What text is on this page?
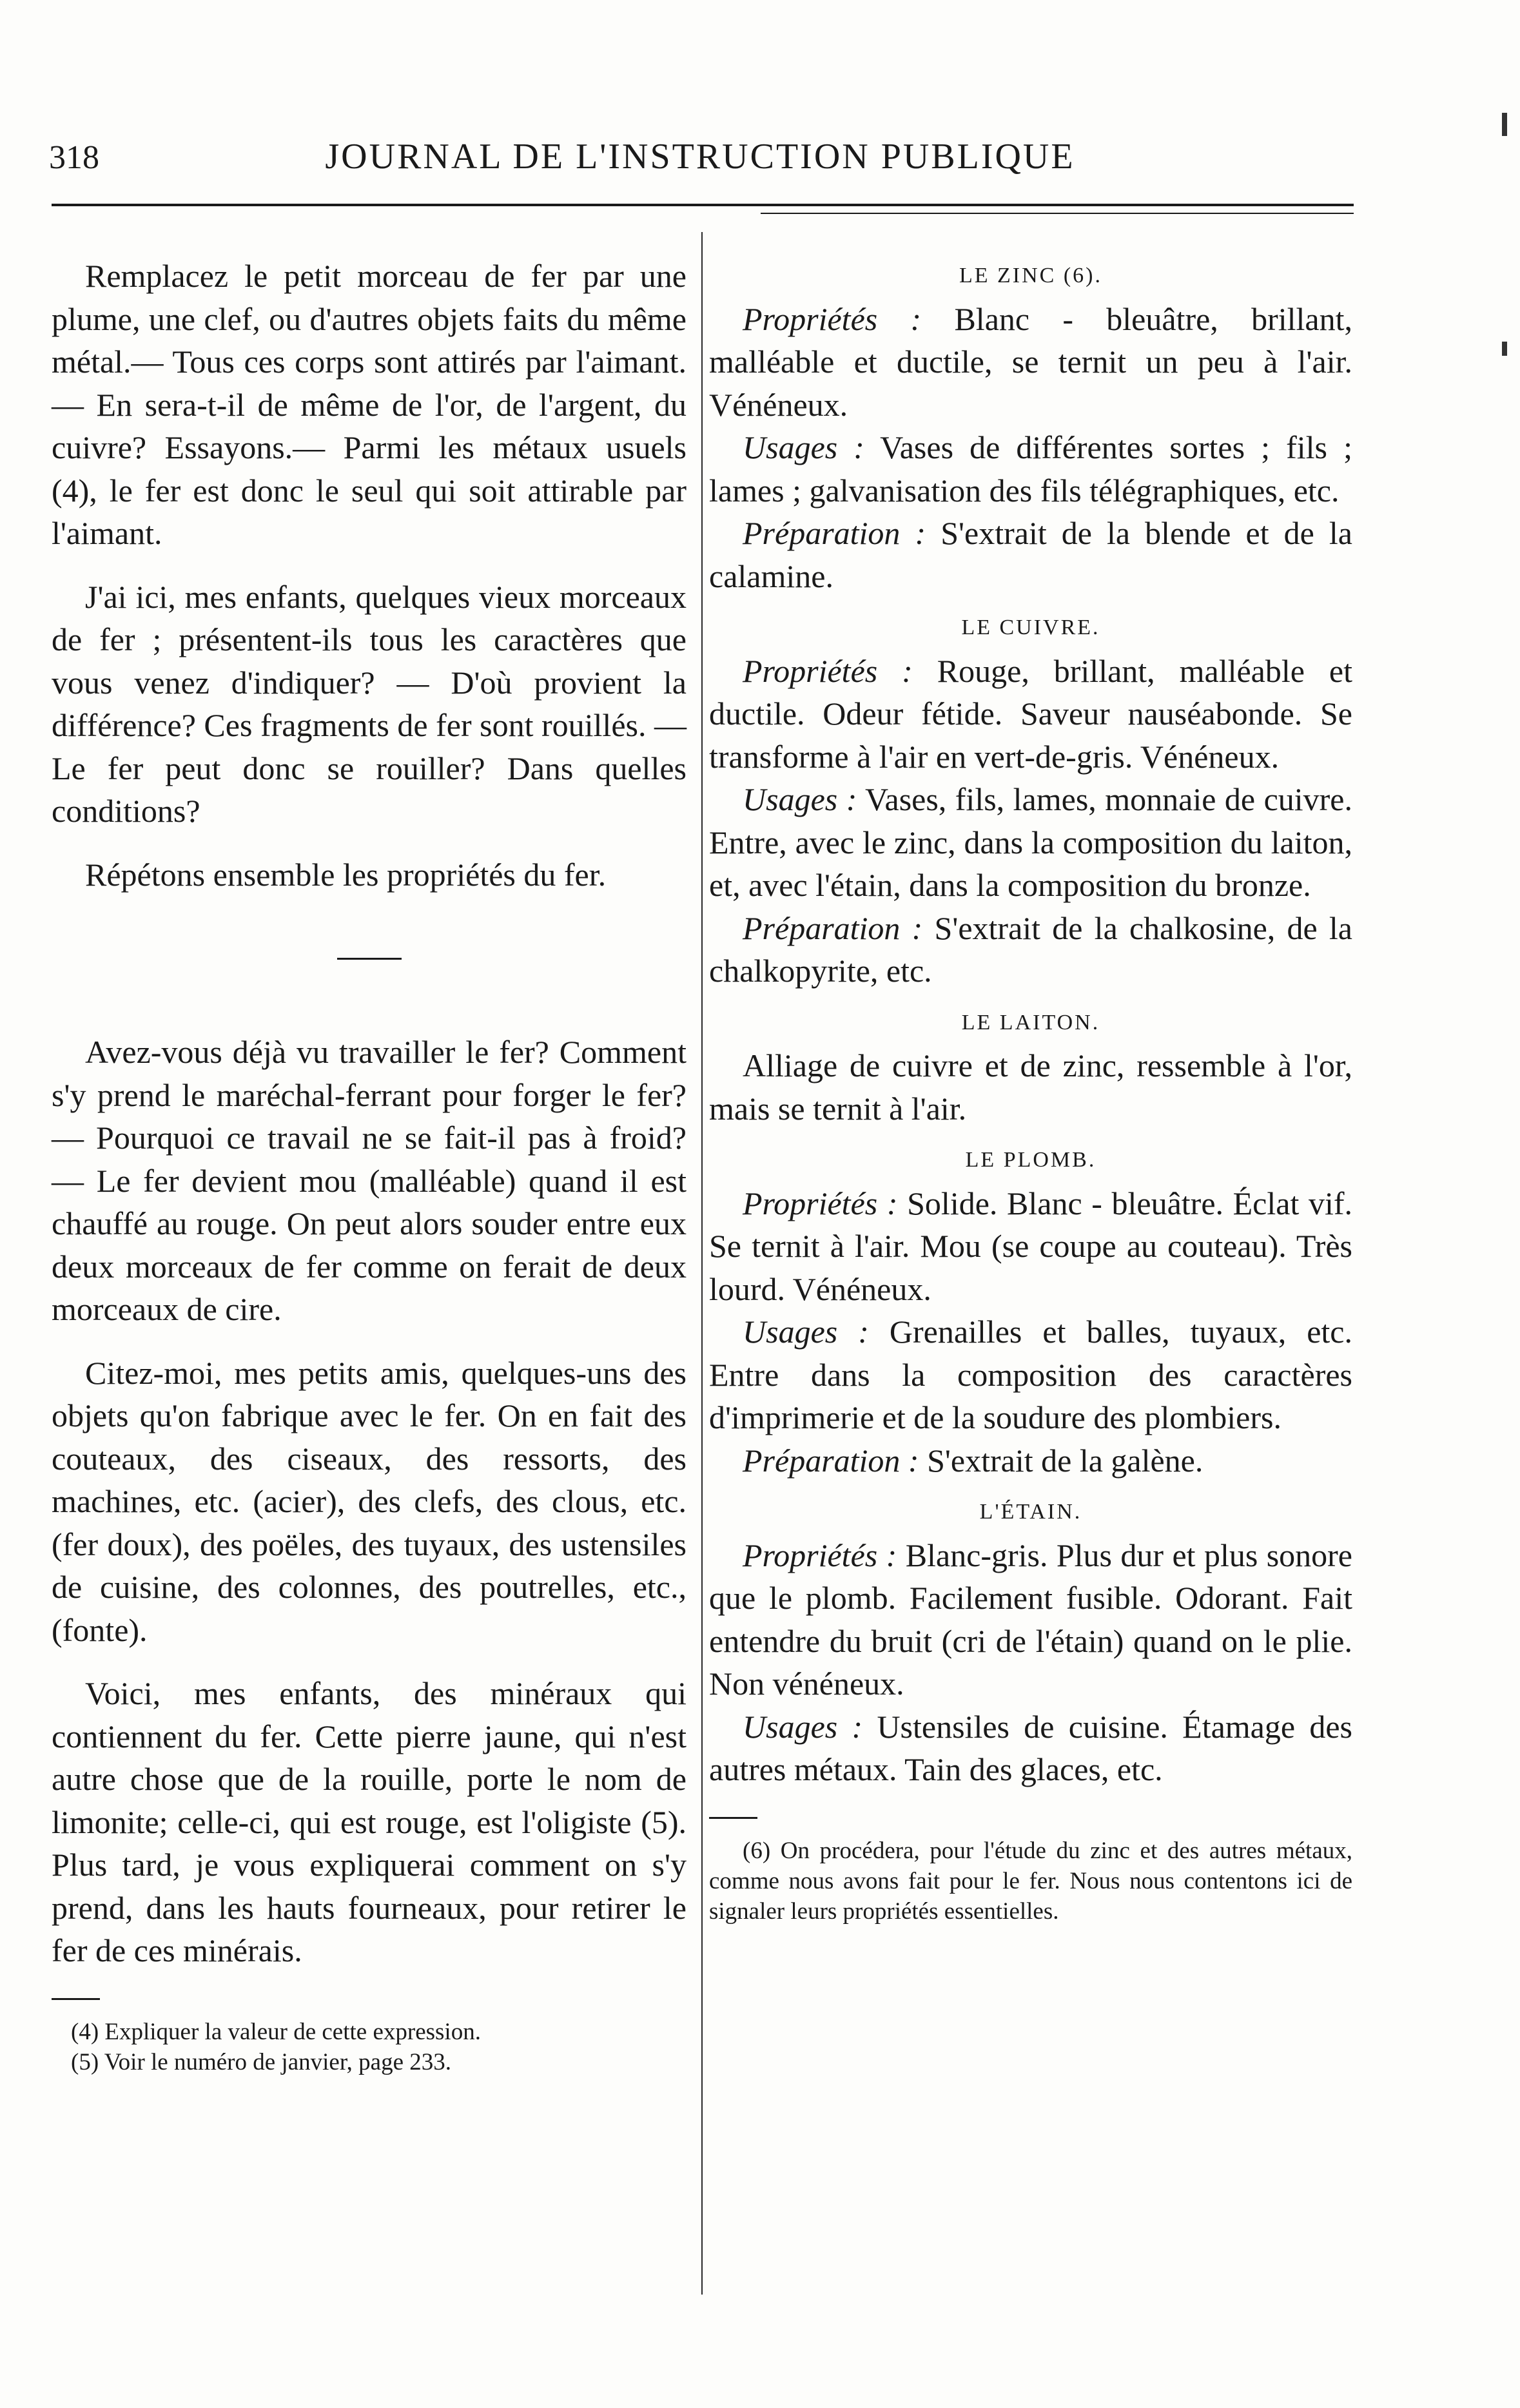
318	JOURNAL DE L'INSTRUCTION PUBLIQUE

Remplacez le petit morceau de fer par une plume, une clef, ou d'autres objets faits du même métal.— Tous ces corps sont attirés par l'aimant. — En sera-t-il de même de l'or, de l'argent, du cuivre? Essayons.— Parmi les métaux usuels (4), le fer est donc le seul qui soit attirable par l'aimant.

J'ai ici, mes enfants, quelques vieux morceaux de fer ; présentent-ils tous les caractères que vous venez d'indiquer? — D'où provient la différence? Ces fragments de fer sont rouillés. — Le fer peut donc se rouiller? Dans quelles conditions?

Répétons ensemble les propriétés du fer.

Avez-vous déjà vu travailler le fer? Comment s'y prend le maréchal-ferrant pour forger le fer? — Pourquoi ce travail ne se fait-il pas à froid? — Le fer devient mou (malléable) quand il est chauffé au rouge. On peut alors souder entre eux deux morceaux de fer comme on ferait de deux morceaux de cire.

Citez-moi, mes petits amis, quelques-uns des objets qu'on fabrique avec le fer. On en fait des couteaux, des ciseaux, des ressorts, des machines, etc. (acier), des clefs, des clous, etc. (fer doux), des poëles, des tuyaux, des ustensiles de cuisine, des colonnes, des poutrelles, etc., (fonte).

Voici, mes enfants, des minéraux qui contiennent du fer. Cette pierre jaune, qui n'est autre chose que de la rouille, porte le nom de limonite; celle-ci, qui est rouge, est l'oligiste (5). Plus tard, je vous expliquerai comment on s'y prend, dans les hauts fourneaux, pour retirer le fer de ces minérais.

(4) Expliquer la valeur de cette expression.

(5) Voir le numéro de janvier, page 233.

LE ZINC (6).

Propriétés : Blanc - bleuâtre, brillant, malléable et ductile, se ternit un peu à l'air. Vénéneux.

Usages : Vases de différentes sortes ; fils ; lames ; galvanisation des fils télégraphiques, etc.

Préparation : S'extrait de la blende et de la calamine.

LE CUIVRE.

Propriétés : Rouge, brillant, malléable et ductile. Odeur fétide. Saveur nauséabonde. Se transforme à l'air en vert-de-gris. Vénéneux.

Usages : Vases, fils, lames, monnaie de cuivre. Entre, avec le zinc, dans la composition du laiton, et, avec l'étain, dans la composition du bronze.

Préparation : S'extrait de la chalkosine, de la chalkopyrite, etc.

LE LAITON.

Alliage de cuivre et de zinc, ressemble à l'or, mais se ternit à l'air.

LE PLOMB.

Propriétés : Solide. Blanc - bleuâtre. Éclat vif. Se ternit à l'air. Mou (se coupe au couteau). Très lourd. Vénéneux.

Usages : Grenailles et balles, tuyaux, etc. Entre dans la composition des caractères d'imprimerie et de la soudure des plombiers.

Préparation : S'extrait de la galène.

L'ÉTAIN.

Propriétés : Blanc-gris. Plus dur et plus sonore que le plomb. Facilement fusible. Odorant. Fait entendre du bruit (cri de l'étain) quand on le plie. Non vénéneux.

Usages : Ustensiles de cuisine. Étamage des autres métaux. Tain des glaces, etc.

(6) On procédera, pour l'étude du zinc et des autres métaux, comme nous avons fait pour le fer. Nous nous contentons ici de signaler leurs propriétés essentielles.
